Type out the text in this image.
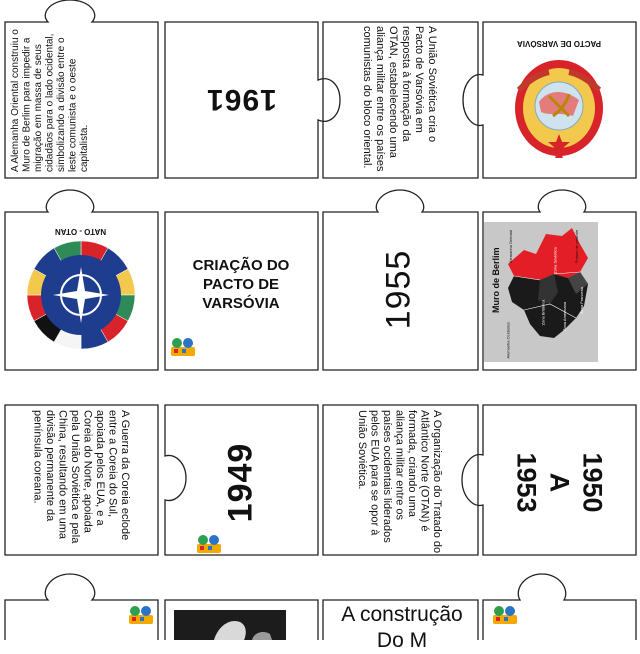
A Alemanha Oriental construiu o Muro de Berlim para impedir a migração em massa de seus cidadãos para o lado ocidental, simbolizando a divisão entre o leste comunista e o oeste capitalista.
1961	A União Soviética cria o Pacto de Varsóvia em resposta à formação da OTAN, estabelecendo uma aliança militar entre os países comunistas do bloco oriental.	PACTO DE VARSÓVIA
NATO - OTAN
CRIAÇÃO DO PACTO DE VARSÓVIA	1955	Muro de Berlim
Alemanha Oriental
Alemanha Ocidental
Zona Soviética
Zona Britânica	Zona Americana
Zona Francesa
Pontos de controle
A Guerra da Coreia eclode entre a Coreia do Sul, apoiada pelos EUA, e a Coreia do Norte, apoiada pela União Soviética e pela China, resultando em uma divisão permanente da península coreana.	1949	A Organização do Tratado do Atlântico Norte (OTAN) é formada, criando uma aliança militar entre os países ocidentais liderados pelos EUA para se opor à União Soviética.	1950
A
1953
A construção Do M
